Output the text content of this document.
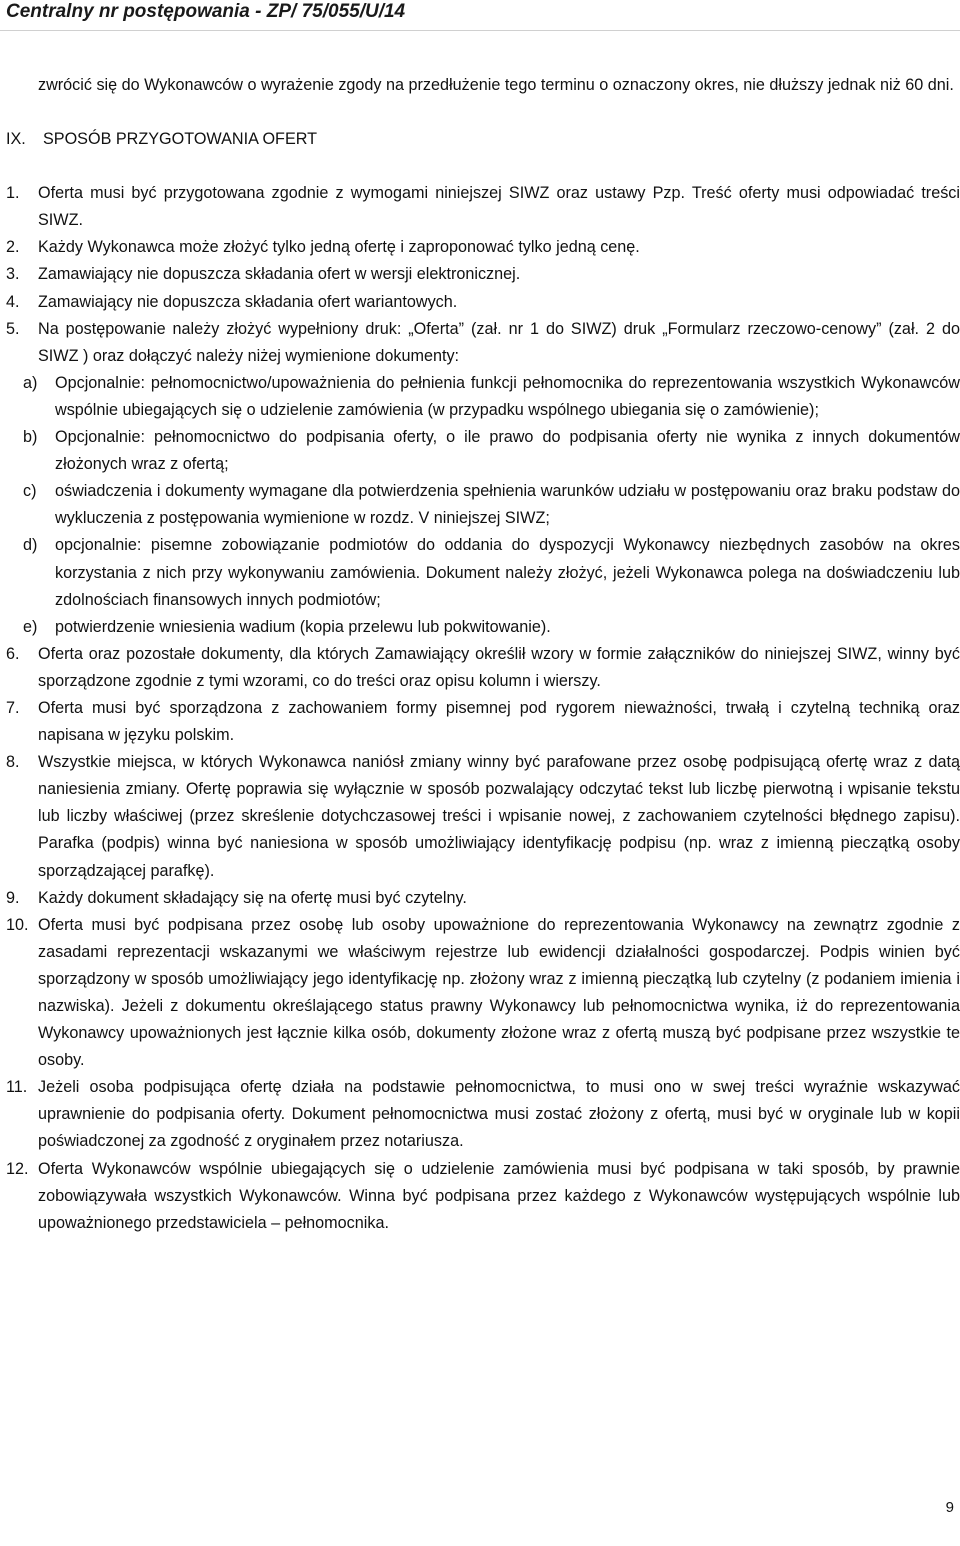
Centralny nr postępowania - ZP/ 75/055/U/14
zwrócić się do Wykonawców o wyrażenie zgody na przedłużenie tego terminu o oznaczony okres, nie dłuższy jednak niż 60 dni.
IX.	SPOSÓB PRZYGOTOWANIA OFERT
1.	Oferta musi być przygotowana zgodnie z wymogami niniejszej SIWZ oraz ustawy Pzp. Treść oferty musi odpowiadać treści SIWZ.
2.	Każdy Wykonawca może złożyć tylko jedną ofertę i zaproponować tylko jedną cenę.
3.	Zamawiający nie dopuszcza składania ofert w wersji elektronicznej.
4.	Zamawiający nie dopuszcza składania ofert wariantowych.
5.	Na postępowanie należy złożyć wypełniony druk: „Oferta” (zał. nr 1 do SIWZ) druk „Formularz rzeczowo-cenowy” (zał. 2 do SIWZ ) oraz dołączyć należy niżej wymienione dokumenty:
a)	Opcjonalnie: pełnomocnictwo/upoważnienia do pełnienia funkcji pełnomocnika do reprezentowania wszystkich Wykonawców wspólnie ubiegających się o udzielenie zamówienia (w przypadku wspólnego ubiegania się o zamówienie);
b)	Opcjonalnie: pełnomocnictwo do podpisania oferty, o ile prawo do podpisania oferty nie wynika z innych dokumentów złożonych wraz z ofertą;
c)	oświadczenia i dokumenty wymagane dla potwierdzenia spełnienia warunków udziału w postępowaniu oraz braku podstaw do wykluczenia z postępowania wymienione w rozdz. V niniejszej SIWZ;
d)	opcjonalnie: pisemne zobowiązanie podmiotów do oddania do dyspozycji Wykonawcy niezbędnych zasobów na okres korzystania z nich przy wykonywaniu zamówienia. Dokument należy złożyć, jeżeli Wykonawca polega na doświadczeniu lub zdolnościach finansowych innych podmiotów;
e)	potwierdzenie wniesienia wadium (kopia przelewu lub pokwitowanie).
6.	Oferta oraz pozostałe dokumenty, dla których Zamawiający określił wzory w formie załączników do niniejszej SIWZ, winny być sporządzone zgodnie z tymi wzorami, co do treści oraz opisu kolumn i wierszy.
7.	Oferta musi być sporządzona z zachowaniem formy pisemnej pod rygorem nieważności, trwałą i czytelną techniką oraz napisana w języku polskim.
8.	Wszystkie miejsca, w których Wykonawca naniósł zmiany winny być parafowane przez osobę podpisującą ofertę wraz z datą naniesienia zmiany. Ofertę poprawia się wyłącznie w sposób pozwalający odczytać tekst lub liczbę pierwotną i wpisanie tekstu lub liczby właściwej (przez skreślenie dotychczasowej treści i wpisanie nowej, z zachowaniem czytelności błędnego zapisu). Parafka (podpis) winna być naniesiona w sposób umożliwiający identyfikację podpisu (np. wraz z imienną pieczątką osoby sporządzającej parafkę).
9.	Każdy dokument składający się na ofertę musi być czytelny.
10. Oferta musi być podpisana przez osobę lub osoby upoważnione do reprezentowania Wykonawcy na zewnątrz zgodnie z zasadami reprezentacji wskazanymi we właściwym rejestrze lub ewidencji działalności gospodarczej. Podpis winien być sporządzony w sposób umożliwiający jego identyfikację np. złożony wraz z imienną pieczątką lub czytelny (z podaniem imienia i nazwiska). Jeżeli z dokumentu określającego status prawny Wykonawcy lub pełnomocnictwa wynika, iż do reprezentowania Wykonawcy upoważnionych jest łącznie kilka osób, dokumenty złożone wraz z ofertą muszą być podpisane przez wszystkie te osoby.
11. Jeżeli osoba podpisująca ofertę działa na podstawie pełnomocnictwa, to musi ono w swej treści wyraźnie wskazywać uprawnienie do podpisania oferty. Dokument pełnomocnictwa musi zostać złożony z ofertą, musi być w oryginale lub w kopii poświadczonej za zgodność z oryginałem przez notariusza.
12. Oferta Wykonawców wspólnie ubiegających się o udzielenie zamówienia musi być podpisana w taki sposób, by prawnie zobowiązywała wszystkich Wykonawców. Winna być podpisana przez każdego z Wykonawców występujących wspólnie lub upoważnionego przedstawiciela – pełnomocnika.
9
